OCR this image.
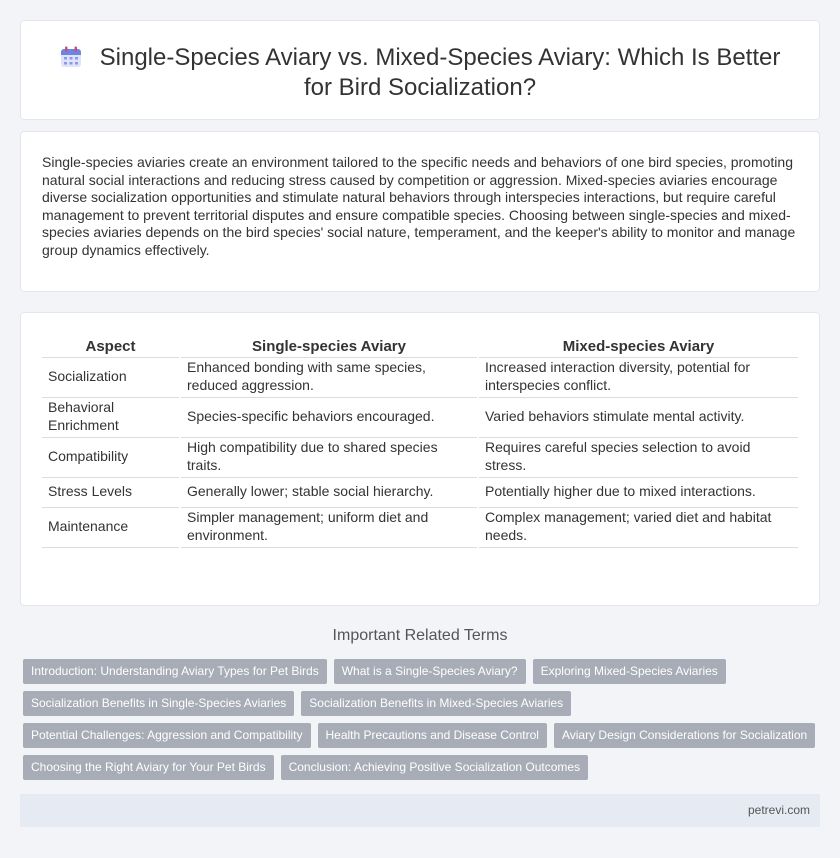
Single-Species Aviary vs. Mixed-Species Aviary: Which Is Better for Bird Socialization?

Single-species aviaries create an environment tailored to the specific needs and behaviors of one bird species, promoting natural social interactions and reducing stress caused by competition or aggression. Mixed-species aviaries encourage diverse socialization opportunities and stimulate natural behaviors through interspecies interactions, but require careful management to prevent territorial disputes and ensure compatible species. Choosing between single-species and mixed-species aviaries depends on the bird species' social nature, temperament, and the keeper's ability to monitor and manage group dynamics effectively.

Aspect	Single-species Aviary	Mixed-species Aviary
Socialization	Enhanced bonding with same species, reduced aggression.	Increased interaction diversity, potential for interspecies conflict.
Behavioral Enrichment	Species-specific behaviors encouraged.	Varied behaviors stimulate mental activity.
Compatibility	High compatibility due to shared species traits.	Requires careful species selection to avoid stress.
Stress Levels	Generally lower; stable social hierarchy.	Potentially higher due to mixed interactions.
Maintenance	Simpler management; uniform diet and environment.	Complex management; varied diet and habitat needs.
Important Related Terms
Introduction: Understanding Aviary Types for Pet Birds What is a Single-Species Aviary? Exploring Mixed-Species Aviaries
Socialization Benefits in Single-Species Aviaries Socialization Benefits in Mixed-Species Aviaries
Potential Challenges: Aggression and Compatibility Health Precautions and Disease Control Aviary Design Considerations for Socialization
Choosing the Right Aviary for Your Pet Birds Conclusion: Achieving Positive Socialization Outcomes
petrevi.com
